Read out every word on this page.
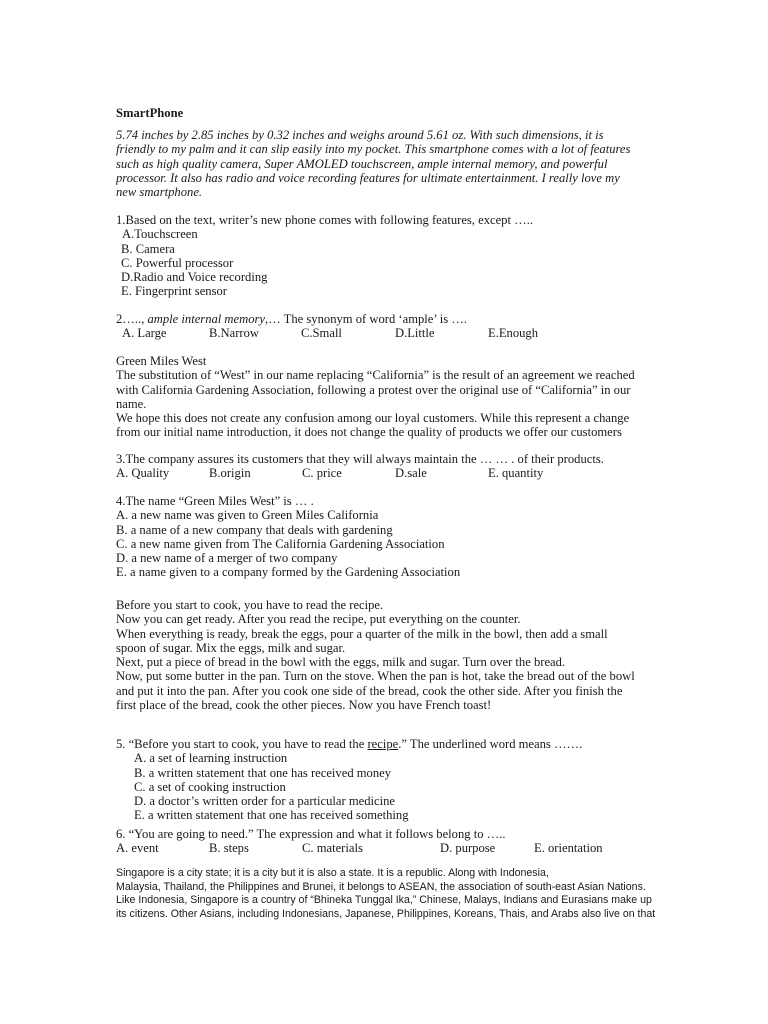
SmartPhone
5.74 inches by 2.85 inches by 0.32 inches and weighs around 5.61 oz. With such dimensions, it is
friendly to my palm and it can slip easily into my pocket. This smartphone comes with a lot of features
such as high quality camera, Super AMOLED touchscreen, ample internal memory, and powerful
processor. It also has radio and voice recording features for ultimate entertainment. I really love my
new smartphone.
1.Based on the text, writer’s new phone comes with following features, except …..
A.Touchscreen
B. Camera
C. Powerful processor
D.Radio and Voice recording
E. Fingerprint sensor
2….., ample internal memory,… The synonym of word ‘ample’ is ….
A. Large	B.Narrow	C.Small	D.Little	E.Enough
Green Miles West
The substitution of “West” in our name replacing “California” is the result of an agreement we reached
with California Gardening Association, following a protest over the original use of “California” in our
name.
We hope this does not create any confusion among our loyal customers. While this represent a change
from our initial name introduction, it does not change the quality of products we offer our customers
3.The company assures its customers that they will always maintain the … … . of their products.
A. Quality	B.origin	C. price	D.sale	E. quantity
4.The name “Green Miles West” is … .
A. a new name was given to Green Miles California
B. a name of a new company that deals with gardening
C. a new name given from The California Gardening Association
D. a new name of a merger of two company
E. a name given to a company formed by the Gardening Association
Before you start to cook, you have to read the recipe.
Now you can get ready. After you read the recipe, put everything on the counter.
When everything is ready, break the eggs, pour a quarter of the milk in the bowl, then add a small
spoon of sugar. Mix the eggs, milk and sugar.
Next, put a piece of bread in the bowl with the eggs, milk and sugar. Turn over the bread.
Now, put some butter in the pan. Turn on the stove. When the pan is hot, take the bread out of the bowl
and put it into the pan. After you cook one side of the bread, cook the other side. After you finish the
first place of the bread, cook the other pieces. Now you have French toast!
5. “Before you start to cook, you have to read the recipe.” The underlined word means …….
A. a set of learning instruction
B. a written statement that one has received money
C. a set of cooking instruction
D. a doctor’s written order for a particular medicine
E. a written statement that one has received something
6. “You are going to need.” The expression and what it follows belong to …..
A. event	B. steps	C. materials	D. purpose	E. orientation
Singapore is a city state; it is a city but it is also a state. It is a republic. Along with Indonesia,
Malaysia, Thailand, the Philippines and Brunei, it belongs to ASEAN, the association of south-east Asian Nations.
Like Indonesia, Singapore is a country of “Bhineka Tunggal Ika,” Chinese, Malays, Indians and Eurasians make up
its citizens. Other Asians, including Indonesians, Japanese, Philippines, Koreans, Thais, and Arabs also live on that
